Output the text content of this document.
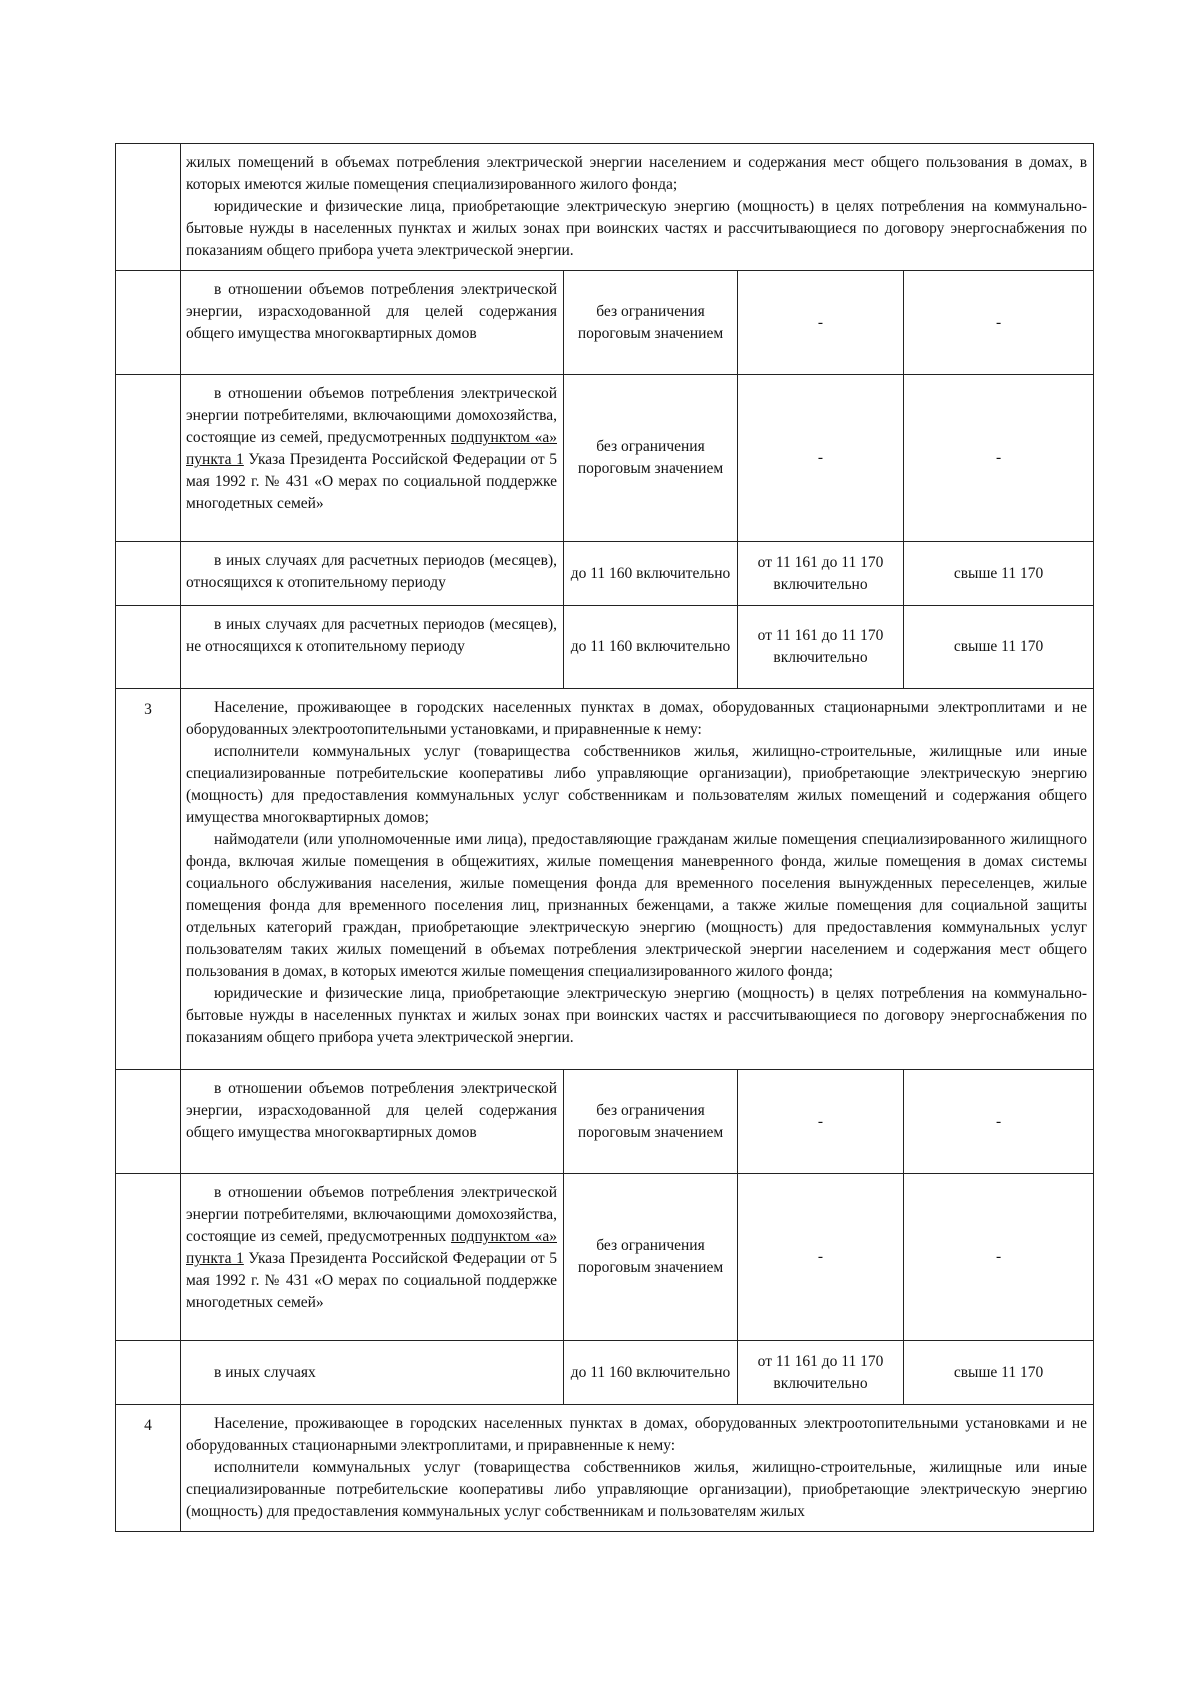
	жилых помещений в объемах потребления электрической энергии населением и содержания мест общего пользования в домах, в которых имеются жилые помещения специализированного жилого фонда;

юридические и физические лица, приобретающие электрическую энергию (мощность) в целях потребления на коммунально-бытовые нужды в населенных пунктах и жилых зонах при воинских частях и рассчитывающиеся по договору энергоснабжения по показаниям общего прибора учета электрической энергии.			

	в отношении объемов потребления электрической энергии, израсходованной для целей содержания общего имущества многоквартирных домов	без ограничения пороговым значением	-	-
	в отношении объемов потребления электрической энергии потребителями, включающими домохозяйства, состоящие из семей, предусмотренных подпунктом «а» пункта 1 Указа Президента Российской Федерации от 5 мая 1992 г. № 431 «О мерах по социальной поддержке многодетных семей»	без ограничения пороговым значением	-	-
	в иных случаях для расчетных периодов (месяцев), относящихся к отопительному периоду	до 11 160 включительно	от 11 161 до 11 170 включительно	свыше 11 170
	в иных случаях для расчетных периодов (месяцев), не относящихся к отопительному периоду	до 11 160 включительно	от 11 161 до 11 170 включительно	свыше 11 170
3	Население, проживающее в городских населенных пунктах в домах, оборудованных стационарными электроплитами и не оборудованных электроотопительными установками, и приравненные к нему:

исполнители коммунальных услуг (товарищества собственников жилья, жилищно-строительные, жилищные или иные специализированные потребительские кооперативы либо управляющие организации), приобретающие электрическую энергию (мощность) для предоставления коммунальных услуг собственникам и пользователям жилых помещений и содержания общего имущества многоквартирных домов;

наймодатели (или уполномоченные ими лица), предоставляющие гражданам жилые помещения специализированного жилищного фонда, включая жилые помещения в общежитиях, жилые помещения маневренного фонда, жилые помещения в домах системы социального обслуживания населения, жилые помещения фонда для временного поселения вынужденных переселенцев, жилые помещения фонда для временного поселения лиц, признанных беженцами, а также жилые помещения для социальной защиты отдельных категорий граждан, приобретающие электрическую энергию (мощность) для предоставления коммунальных услуг пользователям таких жилых помещений в объемах потребления электрической энергии населением и содержания мест общего пользования в домах, в которых имеются жилые помещения специализированного жилого фонда;

юридические и физические лица, приобретающие электрическую энергию (мощность) в целях потребления на коммунально-бытовые нужды в населенных пунктах и жилых зонах при воинских частях и рассчитывающиеся по договору энергоснабжения по показаниям общего прибора учета электрической энергии.			

	в отношении объемов потребления электрической энергии, израсходованной для целей содержания общего имущества многоквартирных домов	без ограничения пороговым значением	-	-
	в отношении объемов потребления электрической энергии потребителями, включающими домохозяйства, состоящие из семей, предусмотренных подпунктом «а» пункта 1 Указа Президента Российской Федерации от 5 мая 1992 г. № 431 «О мерах по социальной поддержке многодетных семей»	без ограничения пороговым значением	-	-
	в иных случаях	до 11 160 включительно	от 11 161 до 11 170 включительно	свыше 11 170
4	Население, проживающее в городских населенных пунктах в домах, оборудованных электроотопительными установками и не оборудованных стационарными электроплитами, и приравненные к нему:

исполнители коммунальных услуг (товарищества собственников жилья, жилищно-строительные, жилищные или иные специализированные потребительские кооперативы либо управляющие организации), приобретающие электрическую энергию (мощность) для предоставления коммунальных услуг собственникам и пользователям жилых			
